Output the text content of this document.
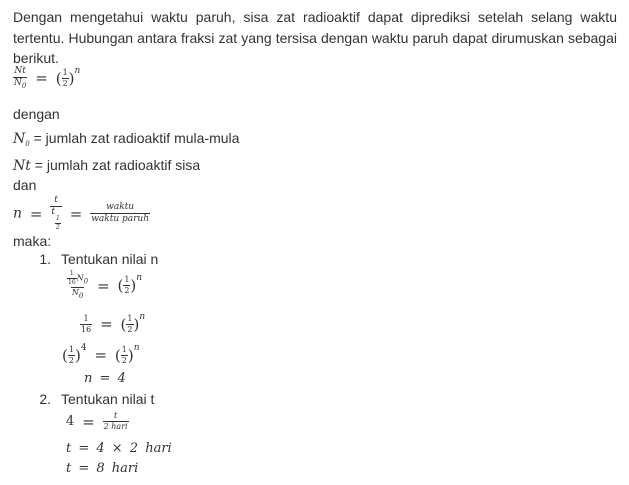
Dengan mengetahui waktu paruh, sisa zat radioaktif dapat diprediksi setelah selang waktu tertentu. Hubungan antara fraksi zat yang tersisa dengan waktu paruh dapat dirumuskan sebagai berikut.

$\frac{Nt}{N_0}$ = ( $\frac{1}{2} )^n$
dengan
$N_0$ = jumlah zat radioaktif mula-mula
Nt = jumlah zat radioaktif sisa
dan
n = t
t
$\frac{1}{2}$ =	waktu
waktu paruh
maka:
1. Tentukan nilai n
$\frac{\frac{1}{16} N0}{N0}$ = ( $\frac{1}{2} )^n$
$\frac{1}{16}$ = ( $\frac{1}{2} )^n$
( $\frac{1}{2} )^4$ = ( $\frac{1}{2} )^n$
n = 4
2. Tentukan nilai t
4 = t
2 hari
t = 4 × 2 hari
t = 8 hari
